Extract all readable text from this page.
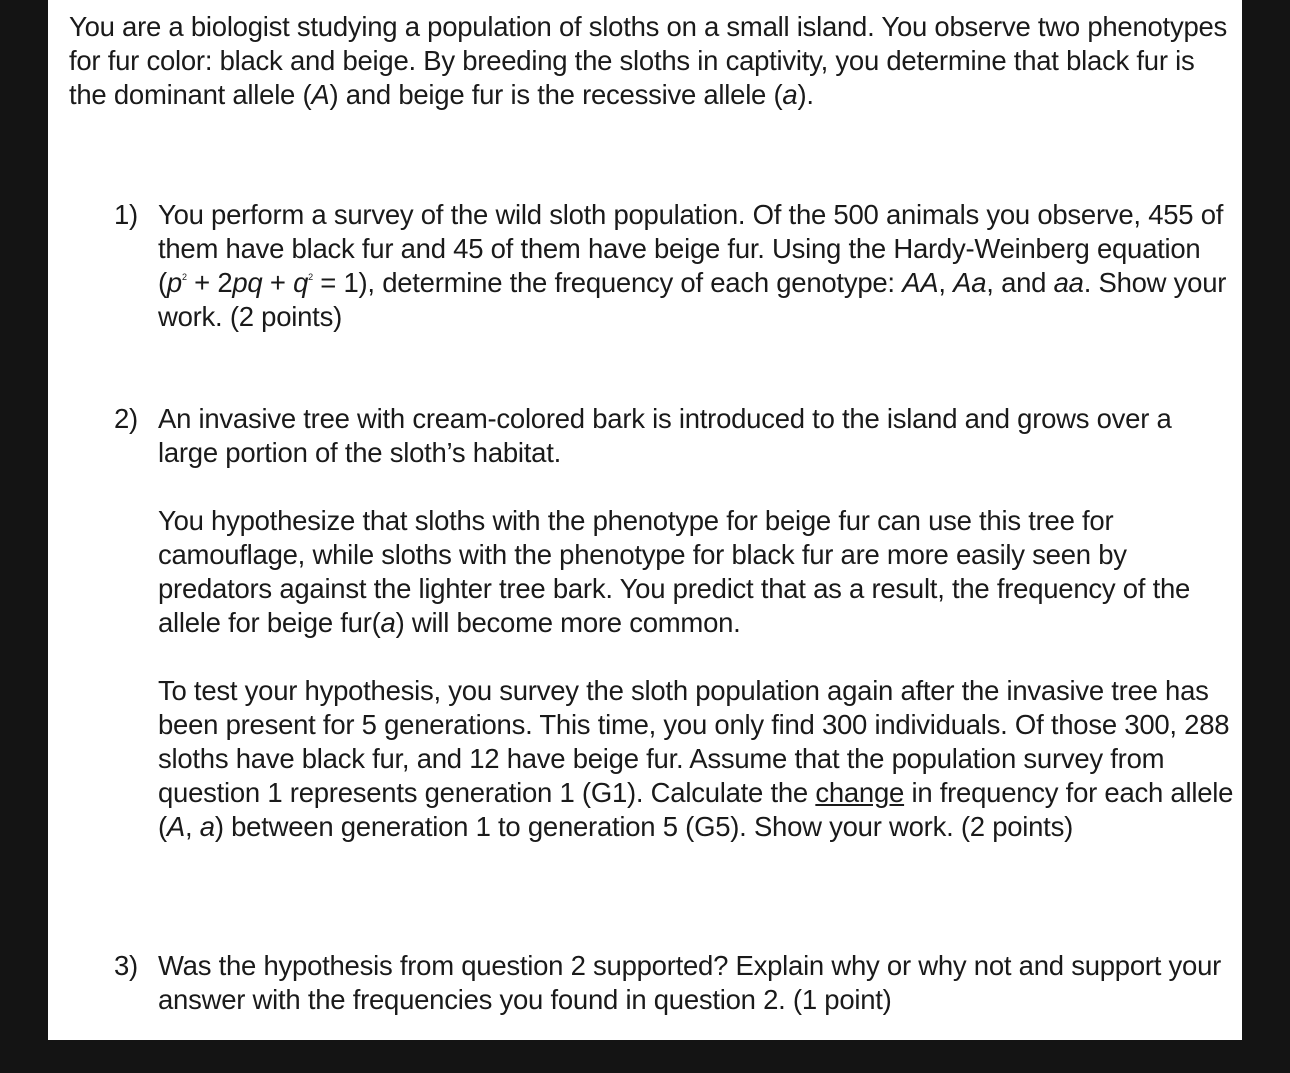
You are a biologist studying a population of sloths on a small island. You observe two phenotypes for fur color: black and beige. By breeding the sloths in captivity, you determine that black fur is the dominant allele (A) and beige fur is the recessive allele (a).

1) You perform a survey of the wild sloth population. Of the 500 animals you observe, 455 of them have black fur and 45 of them have beige fur. Using the Hardy-Weinberg equation $(p^2 + 2pq + q^2 = 1)$, determine the frequency of each genotype: AA, Aa, and aa. Show your work. (2 points)

2) An invasive tree with cream-colored bark is introduced to the island and grows over a large portion of the sloth’s habitat.

You hypothesize that sloths with the phenotype for beige fur can use this tree for camouflage, while sloths with the phenotype for black fur are more easily seen by predators against the lighter tree bark. You predict that as a result, the frequency of the allele for beige fur(a) will become more common.

To test your hypothesis, you survey the sloth population again after the invasive tree has been present for 5 generations. This time, you only find 300 individuals. Of those 300, 288 sloths have black fur, and 12 have beige fur. Assume that the population survey from question 1 represents generation 1 (G1). Calculate the change in frequency for each allele (A, a) between generation 1 to generation 5 (G5). Show your work. (2 points)

3) Was the hypothesis from question 2 supported? Explain why or why not and support your answer with the frequencies you found in question 2. (1 point)
